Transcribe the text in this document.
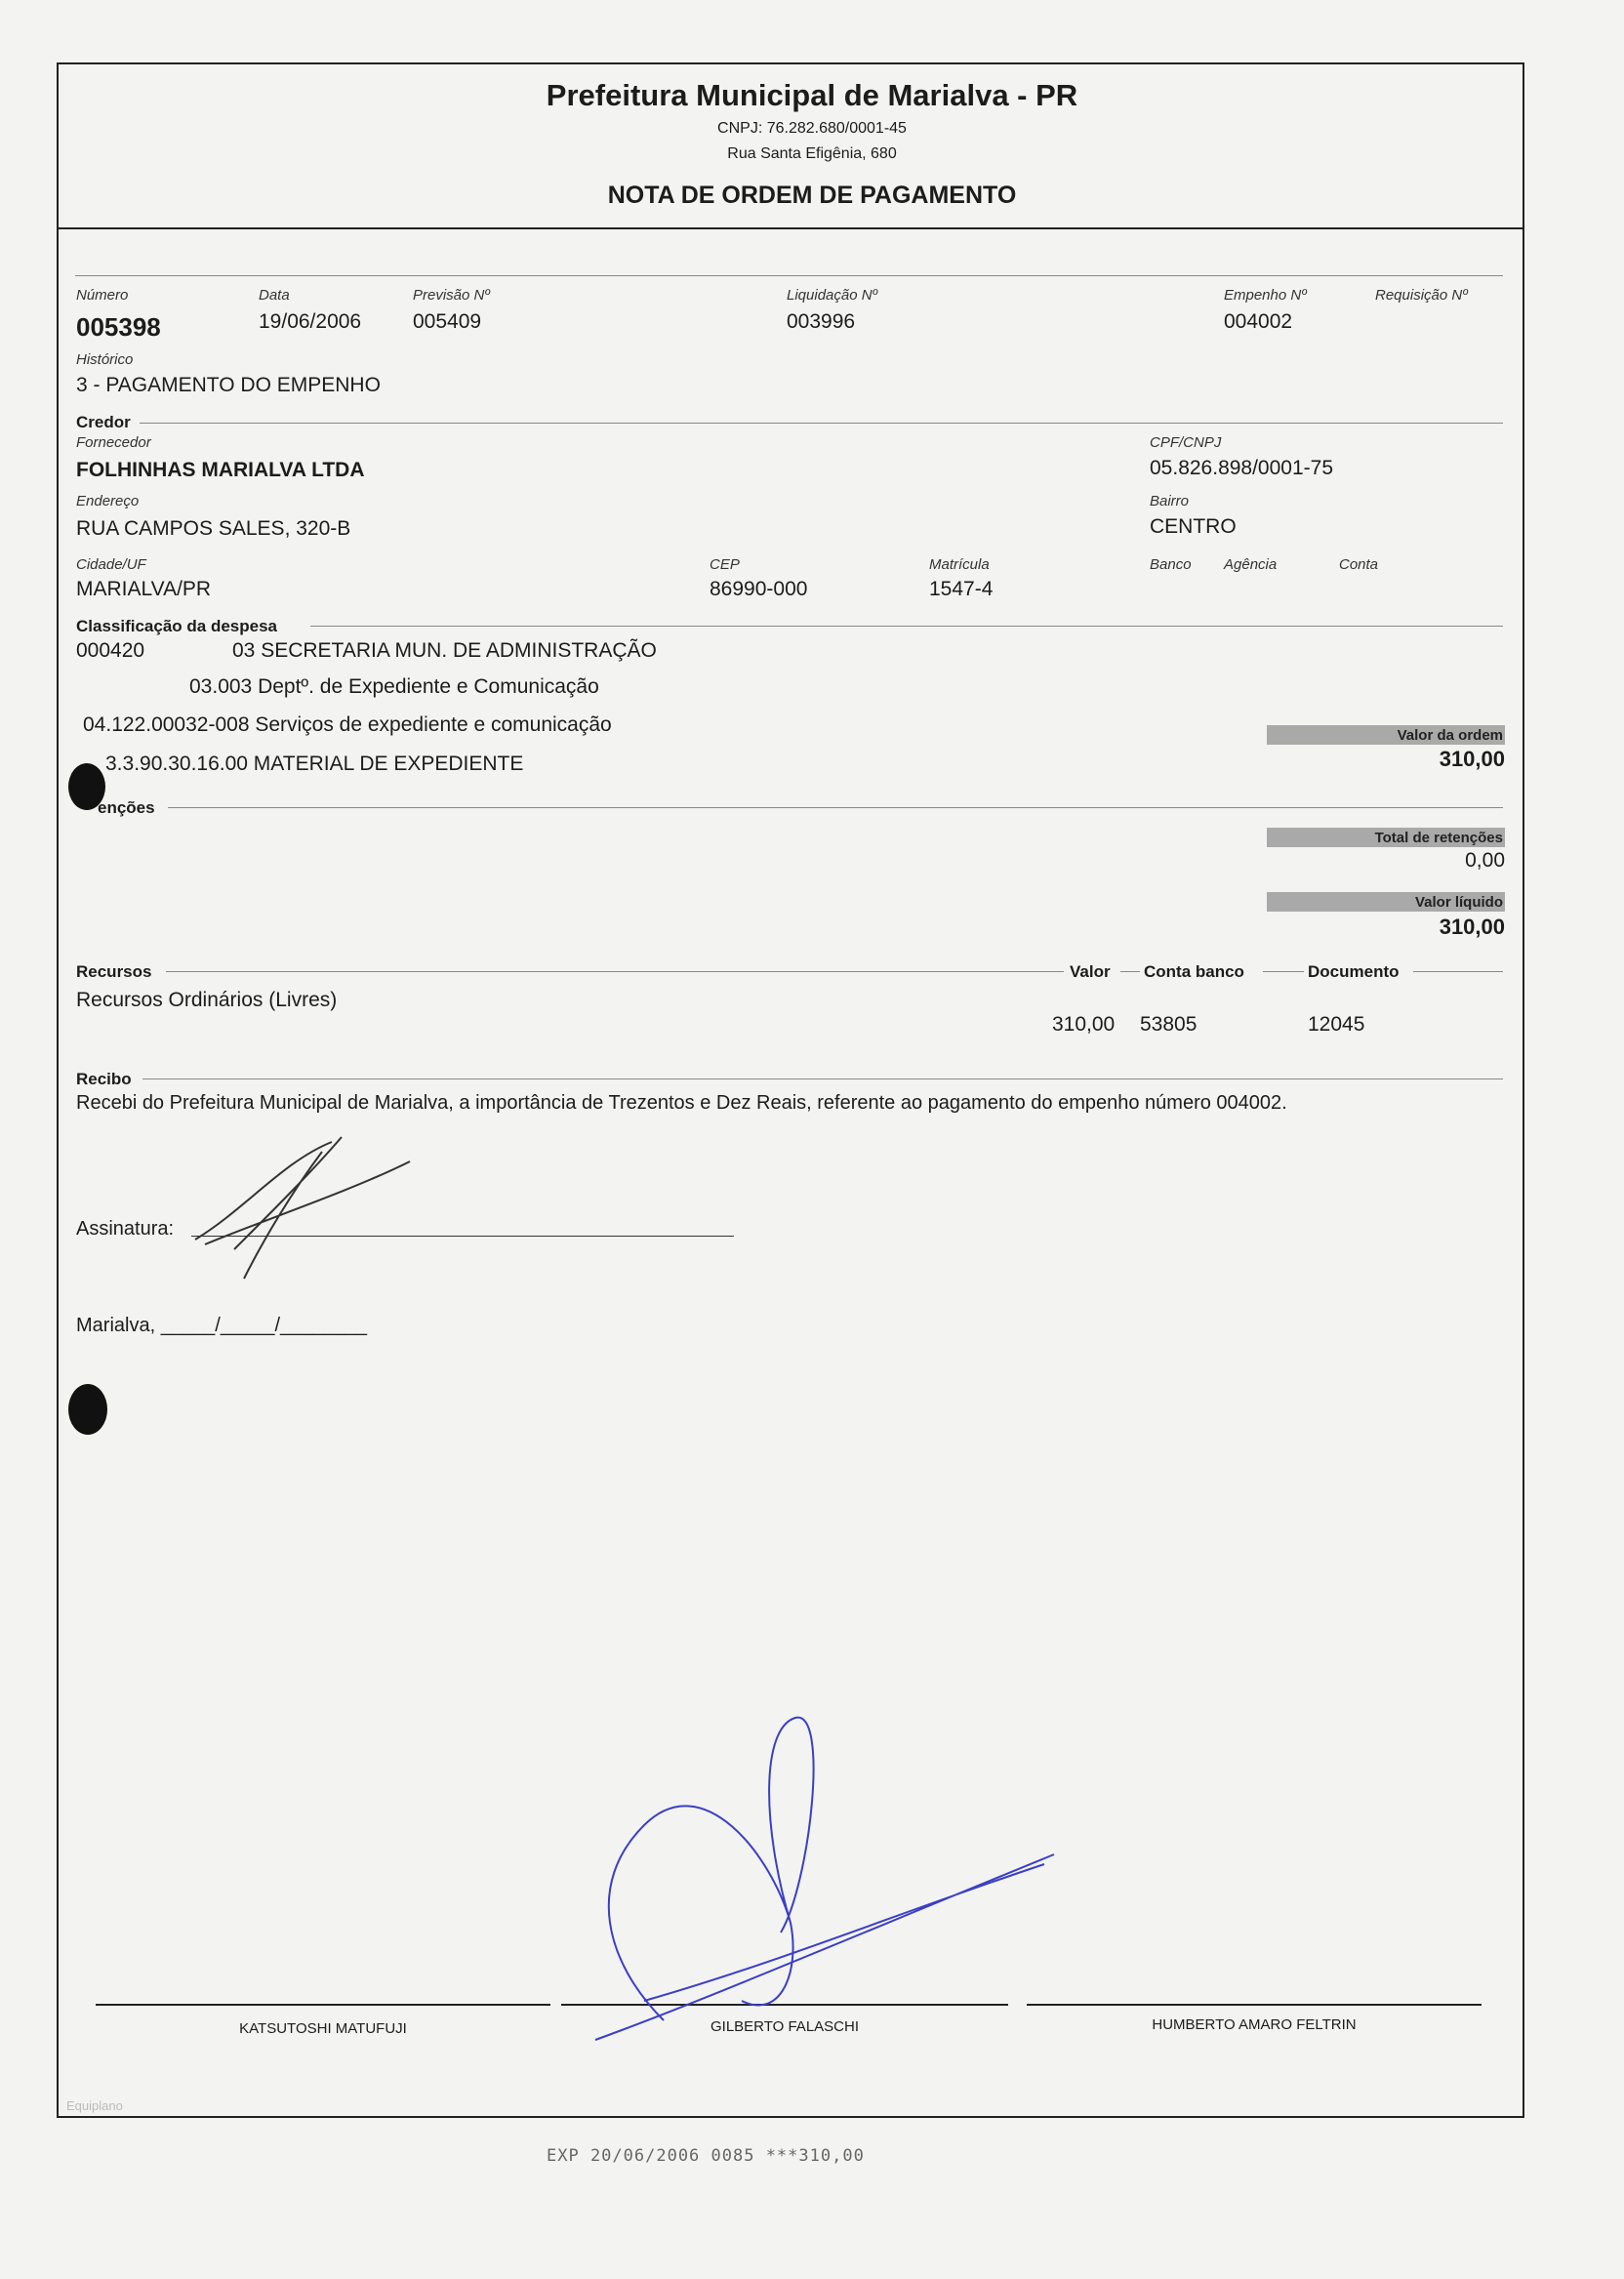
Prefeitura Municipal de Marialva - PR
CNPJ: 76.282.680/0001-45
Rua Santa Efigênia, 680
NOTA DE ORDEM DE PAGAMENTO
Número
005398
Data
19/06/2006
Previsão Nº
005409
Liquidação Nº
003996
Empenho Nº
004002
Requisição Nº
Histórico
3 - PAGAMENTO DO EMPENHO
Credor
Fornecedor
FOLHINHAS MARIALVA LTDA
CPF/CNPJ
05.826.898/0001-75
Endereço
RUA CAMPOS SALES, 320-B
Bairro
CENTRO
Cidade/UF
MARIALVA/PR
CEP
86990-000
Matrícula
1547-4
Banco Agência	Conta
Classificação da despesa
000420	03 SECRETARIA MUN. DE ADMINISTRAÇÃO
03.003 Deptº. de Expediente e Comunicação
04.122.00032-008 Serviços de expediente e comunicação
3.3.90.30.16.00 MATERIAL DE EXPEDIENTE
Valor da ordem
310,00
enções
Total de retenções
0,00
Valor líquido
310,00
Recursos	Valor Conta banco	Documento
Recursos Ordinários (Livres)
310,00 53805	12045
Recibo
Recebi do Prefeitura Municipal de Marialva, a importância de Trezentos e Dez Reais, referente ao pagamento do empenho número 004002.
Assinatura:
Marialva, _____/_____/________
KATSUTOSHI MATUFUJI	GILBERTO FALASCHI	HUMBERTO AMARO FELTRIN
Equiplano
EXP 20/06/2006 0085 ***310,00
